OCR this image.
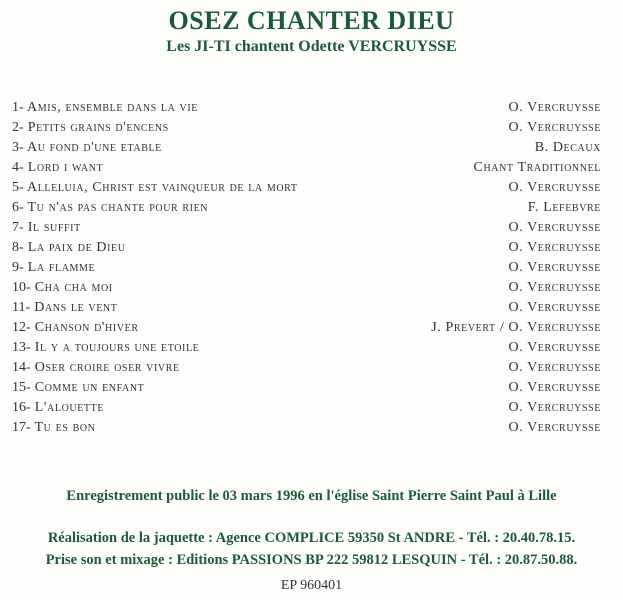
OSEZ CHANTER DIEU
Les JI-TI chantent Odette VERCRUYSSE
1- Amis, ensemble dans la vie	O. Vercruysse
2- Petits grains d'encens	O. Vercruysse
3- Au fond d'une etable	B. Decaux
4- Lord i want	Chant Traditionnel
5- Alleluia, Christ est vainqueur de la mort	O. Vercruysse
6- Tu n'as pas chante pour rien	F. Lefebvre
7- Il suffit	O. Vercruysse
8- La paix de Dieu	O. Vercruysse
9- La flamme	O. Vercruysse
10- Cha cha moi	O. Vercruysse
11- Dans le vent	O. Vercruysse
12- Chanson d'hiver	J. Prevert / O. Vercruysse
13- Il y a toujours une etoile	O. Vercruysse
14- Oser croire oser vivre	O. Vercruysse
15- Comme un enfant	O. Vercruysse
16- L'alouette	O. Vercruysse
17- Tu es bon	O. Vercruysse
Enregistrement public le 03 mars 1996 en l'église Saint Pierre Saint Paul à Lille
Réalisation de la jaquette : Agence COMPLICE 59350 St ANDRE - Tél. : 20.40.78.15.
Prise son et mixage : Editions PASSIONS BP 222 59812 LESQUIN - Tél. : 20.87.50.88.
EP 960401
